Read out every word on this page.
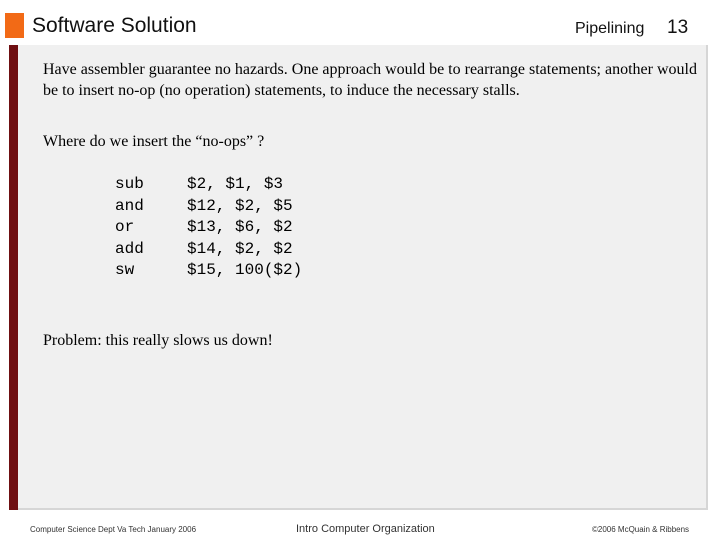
Software Solution	Pipelining 13
Have assembler guarantee no hazards. One approach would be to rearrange statements; another would be to insert no-op (no operation) statements, to induce the necessary stalls.
Where do we insert the “no-ops” ?
sub	$2, $1, $3
and	$12, $2, $5
or	$13, $6, $2
add	$14, $2, $2
sw	$15, 100($2)
Problem: this really slows us down!
Computer Science Dept Va Tech January 2006	Intro Computer Organization	©2006 McQuain & Ribbens
